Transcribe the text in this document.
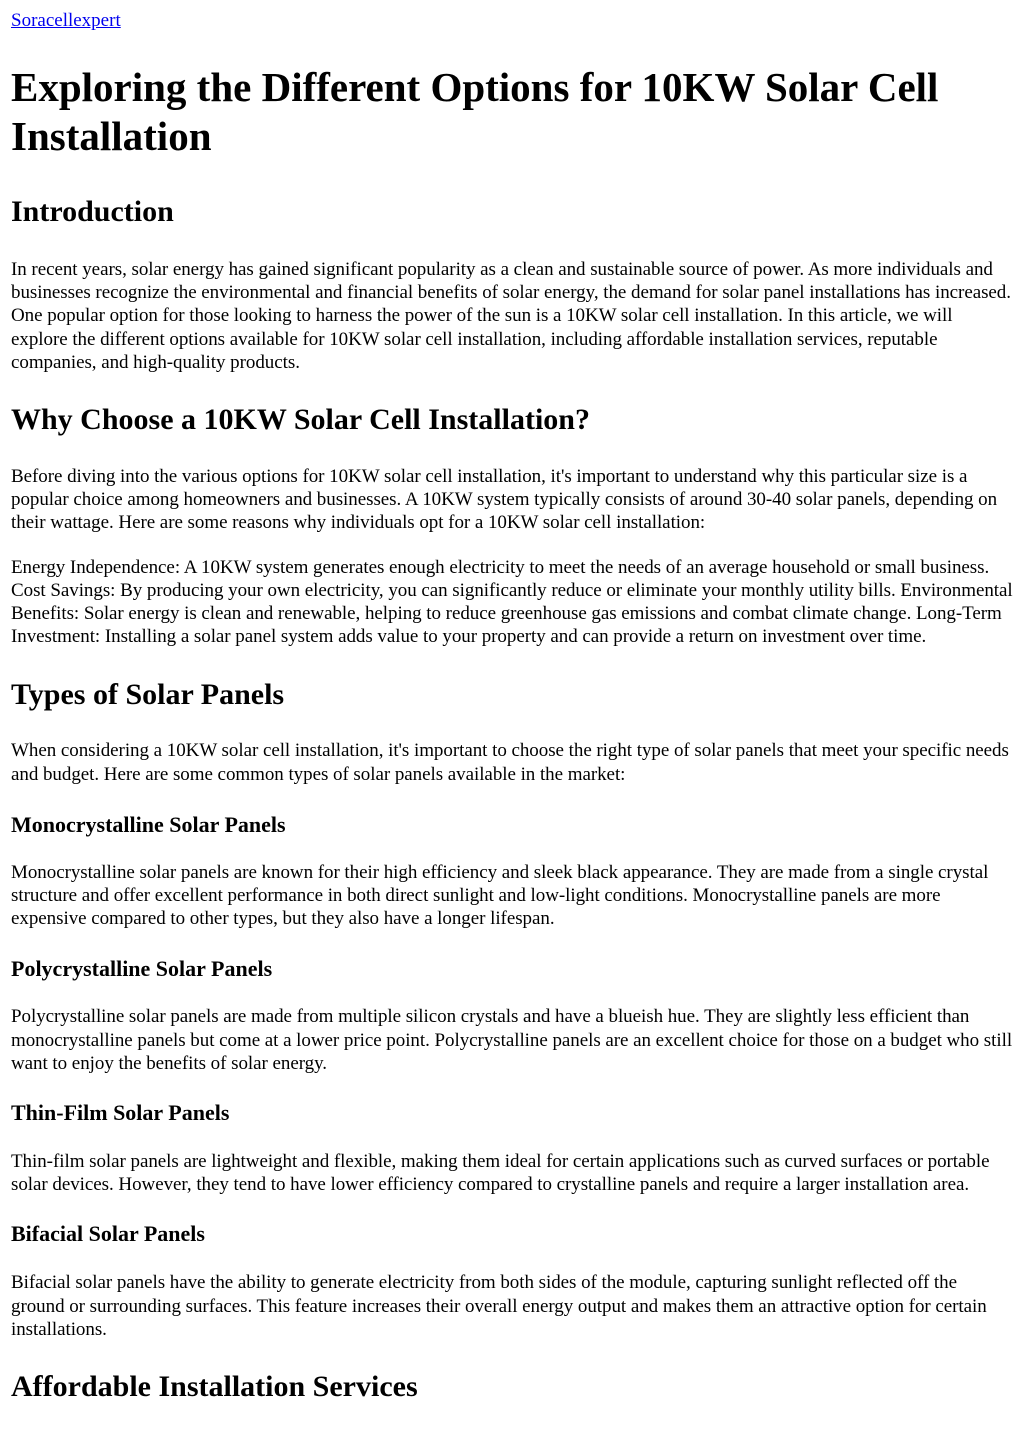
Soracellexpert
Exploring the Different Options for 10KW Solar Cell Installation
Introduction

In recent years, solar energy has gained significant popularity as a clean and sustainable source of power. As more individuals and businesses recognize the environmental and financial benefits of solar energy, the demand for solar panel installations has increased. One popular option for those looking to harness the power of the sun is a 10KW solar cell installation. In this article, we will explore the different options available for 10KW solar cell installation, including affordable installation services, reputable companies, and high-quality products.

Why Choose a 10KW Solar Cell Installation?

Before diving into the various options for 10KW solar cell installation, it's important to understand why this particular size is a popular choice among homeowners and businesses. A 10KW system typically consists of around 30-40 solar panels, depending on their wattage. Here are some reasons why individuals opt for a 10KW solar cell installation:

Energy Independence: A 10KW system generates enough electricity to meet the needs of an average household or small business. Cost Savings: By producing your own electricity, you can significantly reduce or eliminate your monthly utility bills. Environmental Benefits: Solar energy is clean and renewable, helping to reduce greenhouse gas emissions and combat climate change. Long-Term Investment: Installing a solar panel system adds value to your property and can provide a return on investment over time.

Types of Solar Panels

When considering a 10KW solar cell installation, it's important to choose the right type of solar panels that meet your specific needs and budget. Here are some common types of solar panels available in the market:

Monocrystalline Solar Panels

Monocrystalline solar panels are known for their high efficiency and sleek black appearance. They are made from a single crystal structure and offer excellent performance in both direct sunlight and low-light conditions. Monocrystalline panels are more expensive compared to other types, but they also have a longer lifespan.

Polycrystalline Solar Panels

Polycrystalline solar panels are made from multiple silicon crystals and have a blueish hue. They are slightly less efficient than monocrystalline panels but come at a lower price point. Polycrystalline panels are an excellent choice for those on a budget who still want to enjoy the benefits of solar energy.

Thin-Film Solar Panels

Thin-film solar panels are lightweight and flexible, making them ideal for certain applications such as curved surfaces or portable solar devices. However, they tend to have lower efficiency compared to crystalline panels and require a larger installation area.

Bifacial Solar Panels

Bifacial solar panels have the ability to generate electricity from both sides of the module, capturing sunlight reflected off the ground or surrounding surfaces. This feature increases their overall energy output and makes them an attractive option for certain installations.

Affordable Installation Services
